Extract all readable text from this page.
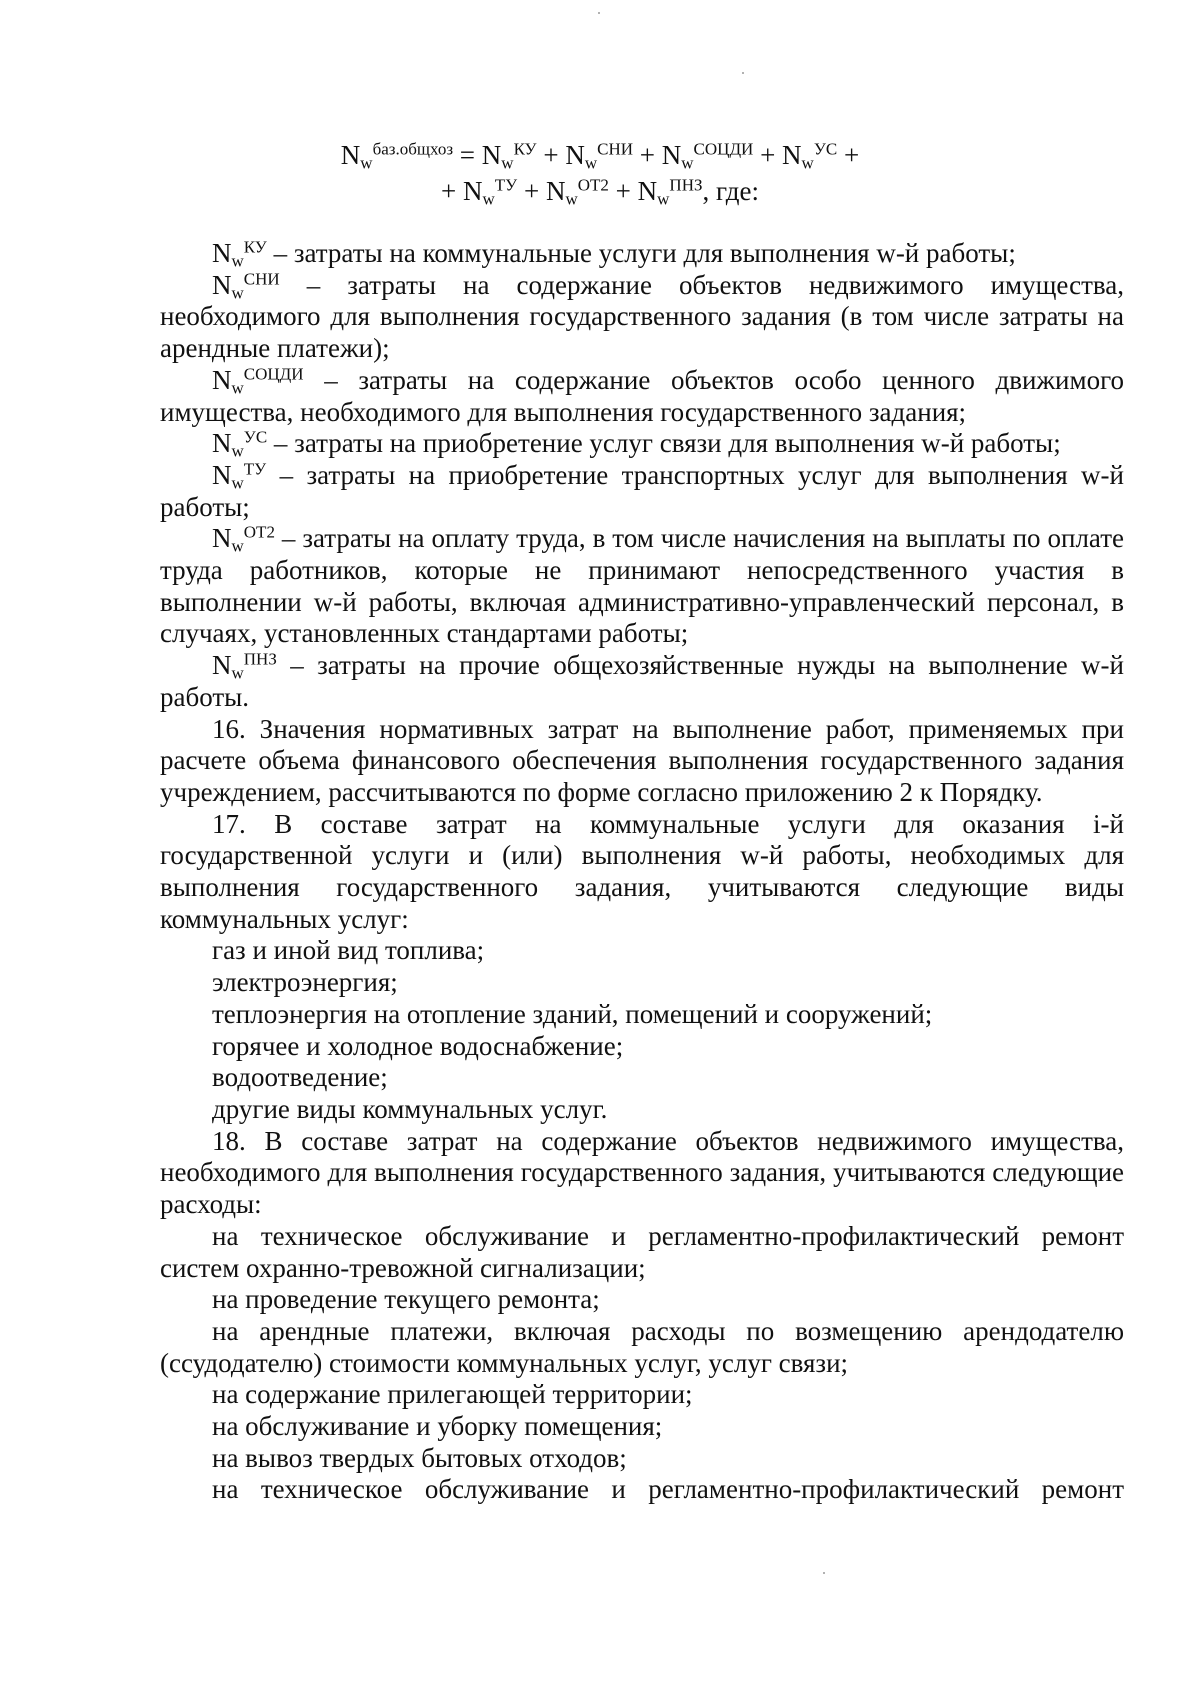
$N_w^{баз.общхоз} = N_w^{КУ} + N_w^{СНИ} + N_w^{СОЦДИ} + N_w^{УС}$ +
+ $N_w^{ТУ} + N_w^{ОТ2} + N_w^{ПНЗ}$, где:

$N_w^{КУ}$ – затраты на коммунальные услуги для выполнения w-й работы;

$N_w^{СНИ}$ – затраты на содержание объектов недвижимого имущества, необходимого для выполнения государственного задания (в том числе затраты на арендные платежи);

$N_w^{СОЦДИ}$ – затраты на содержание объектов особо ценного движимого имущества, необходимого для выполнения государственного задания;

$N_w^{УС}$ – затраты на приобретение услуг связи для выполнения w-й работы;

$N_w^{ТУ}$ – затраты на приобретение транспортных услуг для выполнения w-й работы;

$N_w^{ОТ2}$ – затраты на оплату труда, в том числе начисления на выплаты по оплате труда работников, которые не принимают непосредственного участия в выполнении w-й работы, включая административно-управленческий персонал, в случаях, установленных стандартами работы;

$N_w^{ПНЗ}$ – затраты на прочие общехозяйственные нужды на выполнение w-й работы.

16. Значения нормативных затрат на выполнение работ, применяемых при расчете объема финансового обеспечения выполнения государственного задания учреждением, рассчитываются по форме согласно приложению 2 к Порядку.

17. В составе затрат на коммунальные услуги для оказания i-й государственной услуги и (или) выполнения w-й работы, необходимых для выполнения государственного задания, учитываются следующие виды коммунальных услуг:

газ и иной вид топлива;

электроэнергия;

теплоэнергия на отопление зданий, помещений и сооружений;

горячее и холодное водоснабжение;

водоотведение;

другие виды коммунальных услуг.

18. В составе затрат на содержание объектов недвижимого имущества, необходимого для выполнения государственного задания, учитываются следующие расходы:

на техническое обслуживание и регламентно-профилактический ремонт систем охранно-тревожной сигнализации;

на проведение текущего ремонта;

на арендные платежи, включая расходы по возмещению арендодателю (ссудодателю) стоимости коммунальных услуг, услуг связи;

на содержание прилегающей территории;

на обслуживание и уборку помещения;

на вывоз твердых бытовых отходов;

на техническое обслуживание и регламентно-профилактический ремонт
